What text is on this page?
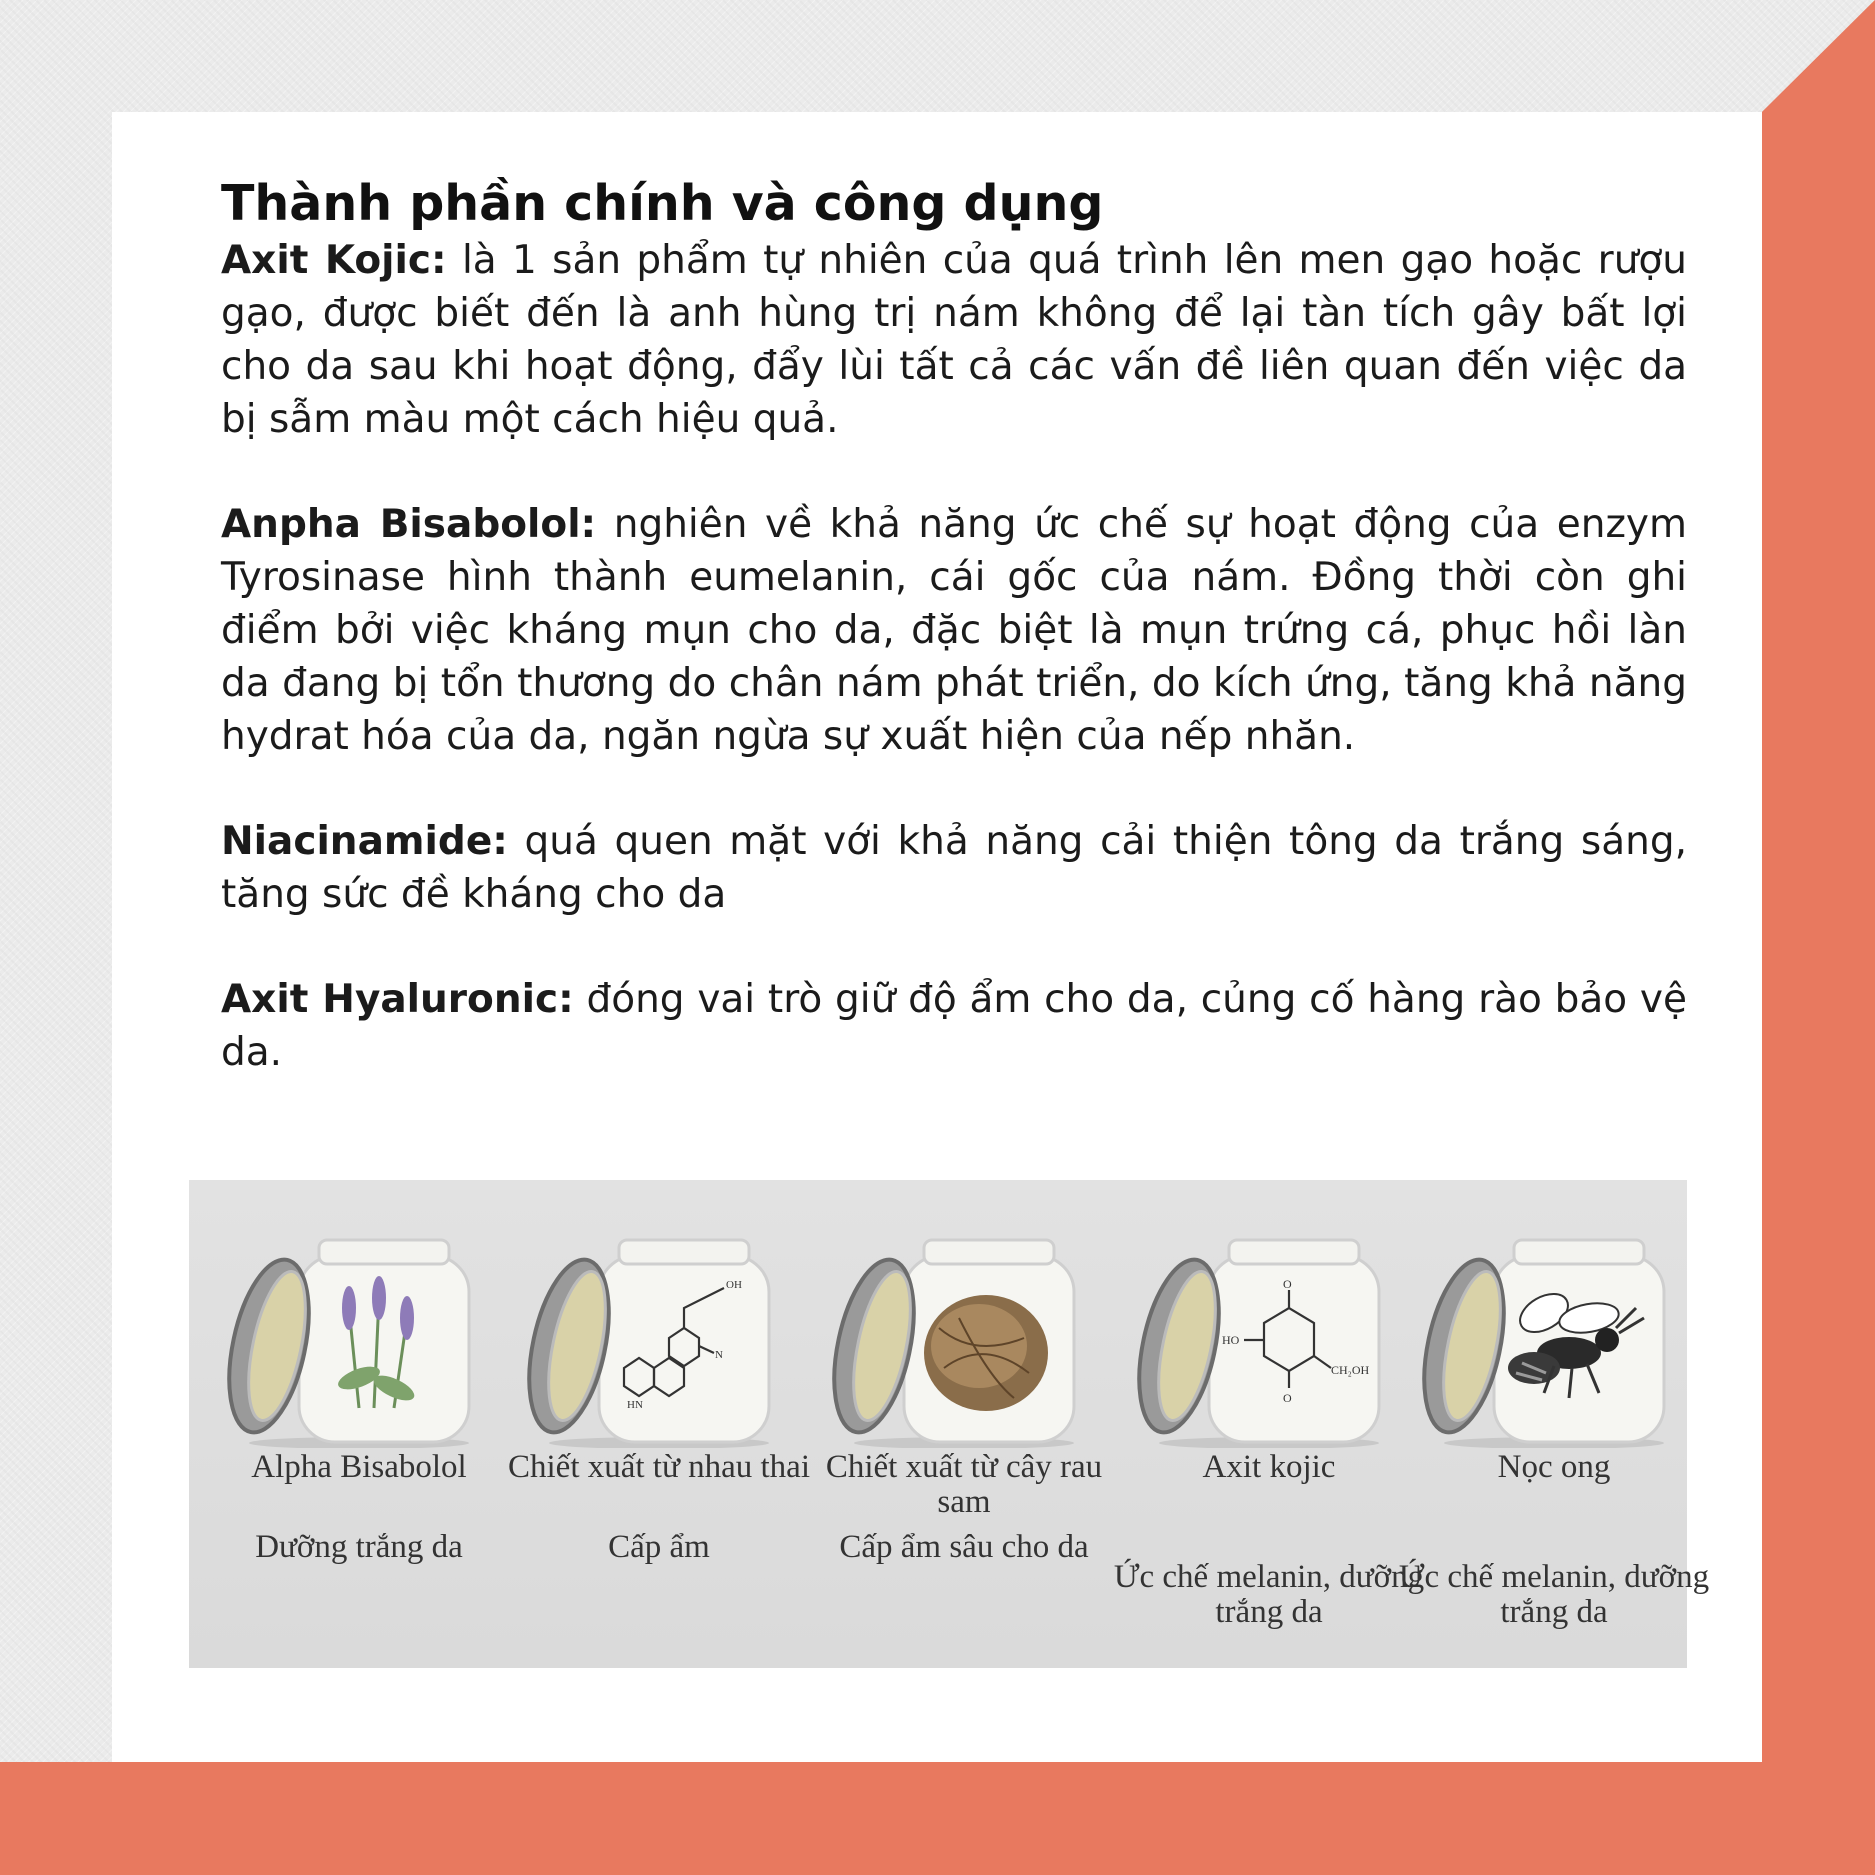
Thành phần chính và công dụng

Axit Kojic: là 1 sản phẩm tự nhiên của quá trình lên men gạo hoặc rượu gạo, được biết đến là anh hùng trị nám không để lại tàn tích gây bất lợi cho da sau khi hoạt động, đẩy lùi tất cả các vấn đề liên quan đến việc da bị sẫm màu một cách hiệu quả.

Anpha Bisabolol: nghiên về khả năng ức chế sự hoạt động của enzym Tyrosinase hình thành eumelanin, cái gốc của nám. Đồng thời còn ghi điểm bởi việc kháng mụn cho da, đặc biệt là mụn trứng cá, phục hồi làn da đang bị tổn thương do chân nám phát triển, do kích ứng, tăng khả năng hydrat hóa của da, ngăn ngừa sự xuất hiện của nếp nhăn.

Niacinamide: quá quen mặt với khả năng cải thiện tông da trắng sáng, tăng sức đề kháng cho da

Axit Hyaluronic: đóng vai trò giữ độ ẩm cho da, củng cố hàng rào bảo vệ da.

Alpha Bisabolol
Dưỡng trắng da
HN
N
OH
Chiết xuất từ nhau thai
Cấp ẩm
Chiết xuất từ cây rau sam
Cấp ẩm sâu cho da
O
HO
CH₂OH
O
Axit kojic
Ức chế melanin, dưỡng trắng da
Nọc ong
Ức chế melanin, dưỡng trắng da
